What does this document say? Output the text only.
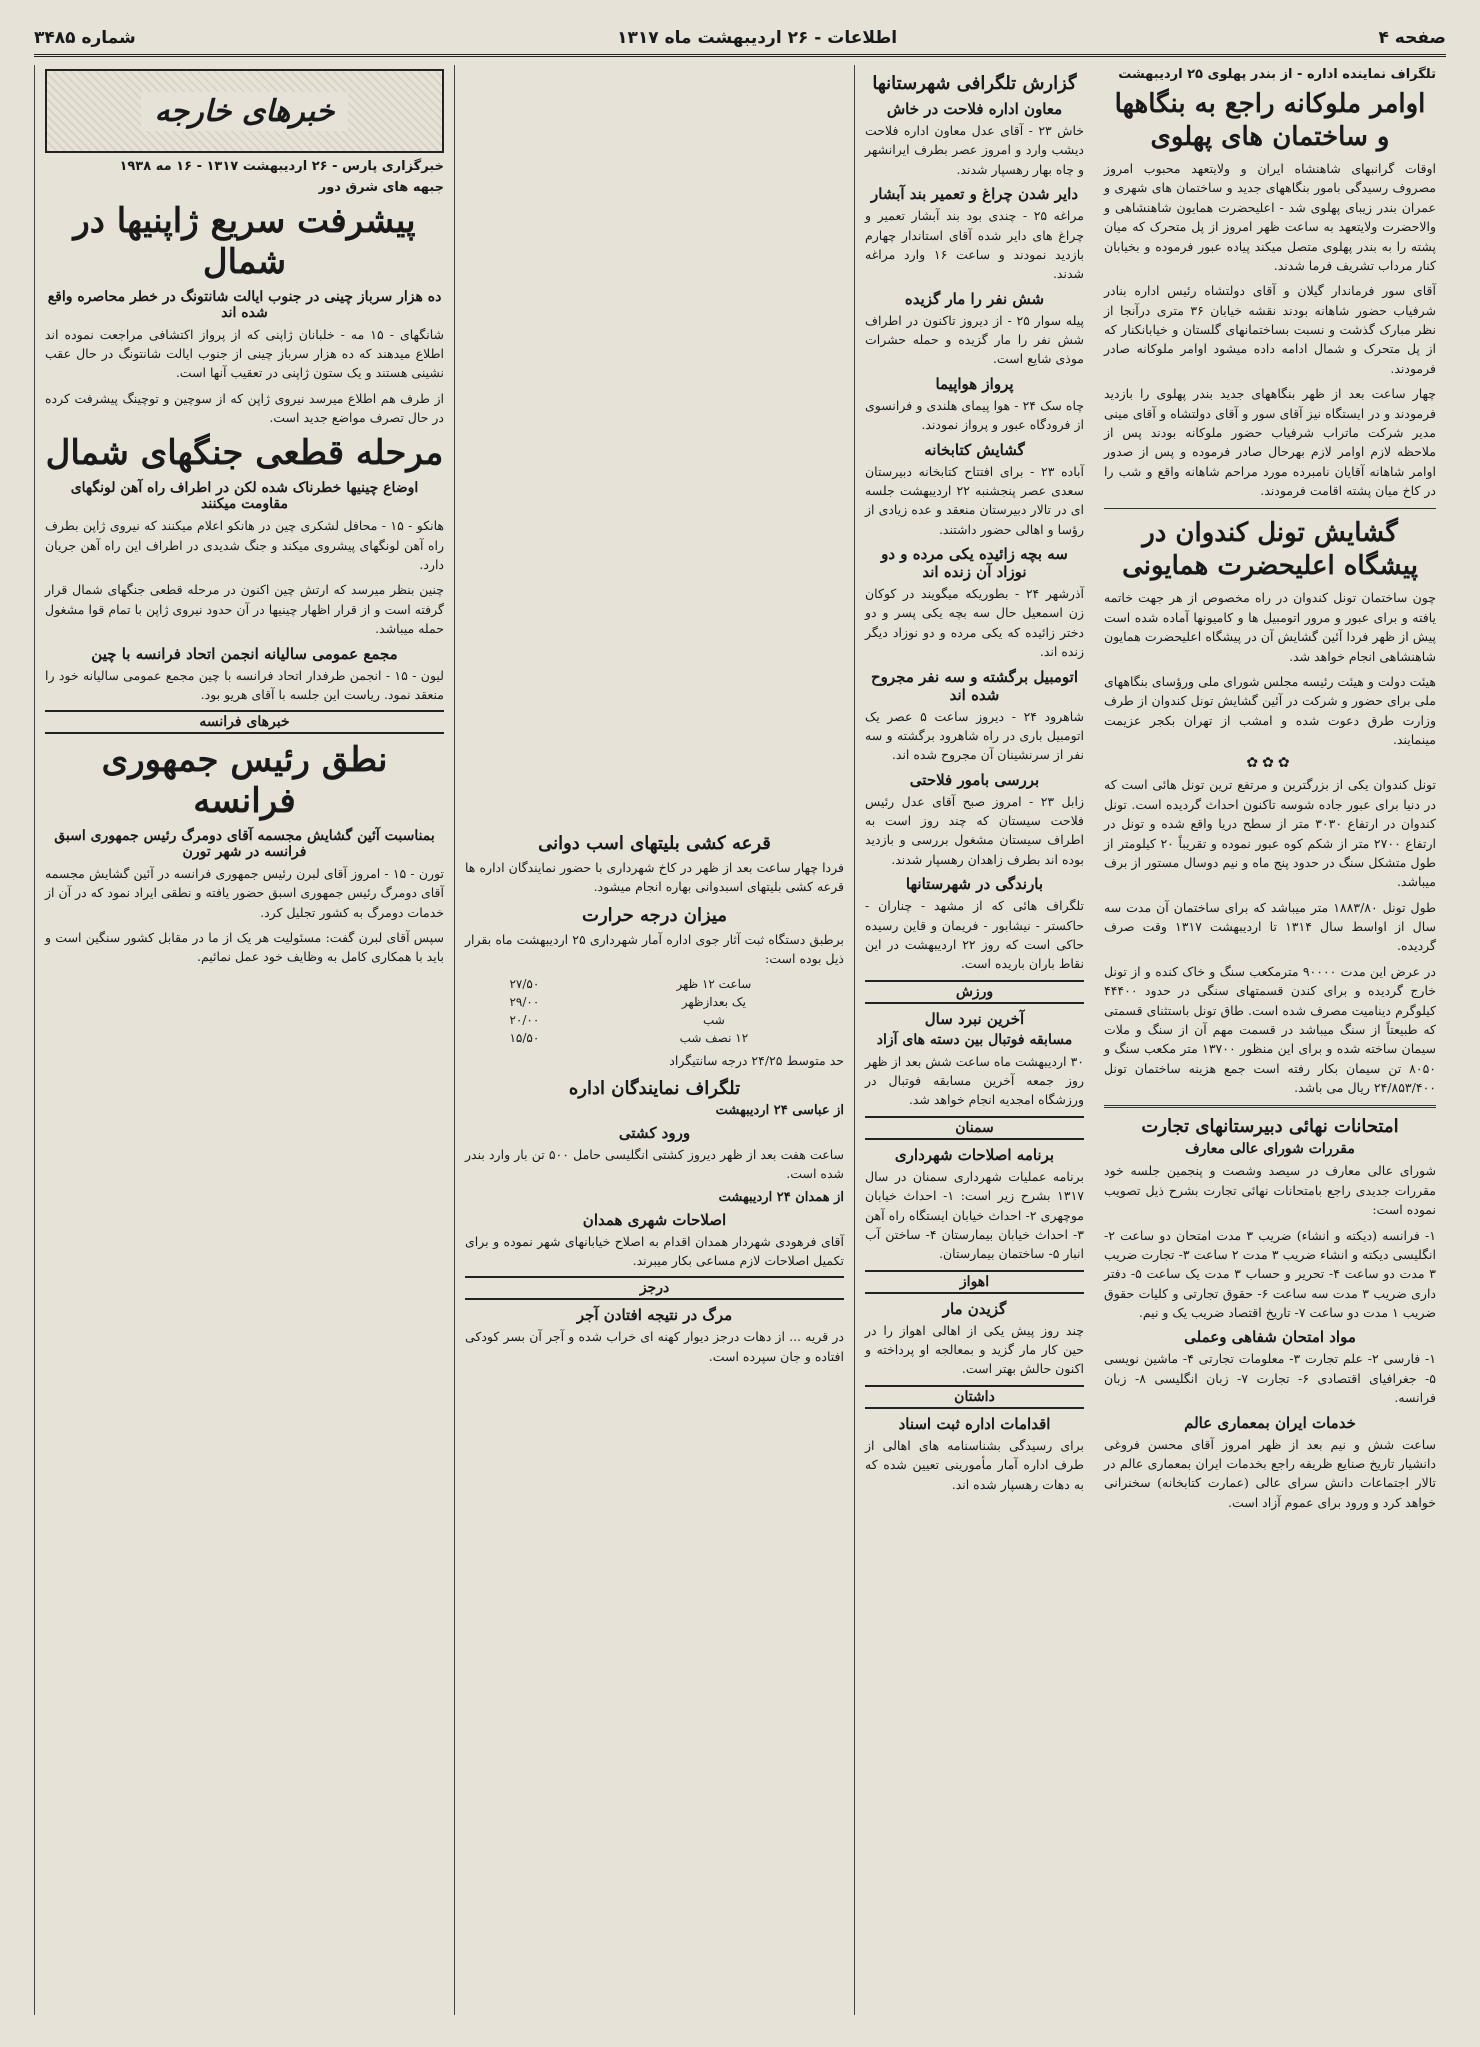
صفحه ۴
اطلاعات - ۲۶ اردیبهشت ماه ۱۳۱۷
شماره ۳۴۸۵
تلگراف نماینده اداره - از بندر پهلوی ۲۵ اردیبهشت
اوامر ملوکانه راجع به بنگاهها و ساختمان های پهلوی

اوقات گرانبهای شاهنشاه ایران و ولایتعهد محبوب امروز مصروف رسیدگی بامور بنگاههای جدید و ساختمان های شهری و عمران بندر زیبای پهلوی شد - اعلیحضرت همایون شاهنشاهی و والاحضرت ولایتعهد به ساعت ظهر امروز از پل متحرک که میان پشته را به بندر پهلوی متصل میکند پیاده عبور فرموده و بخیابان کنار مرداب تشریف فرما شدند.

آقای سور فرماندار گیلان و آقای دولتشاه رئیس اداره بنادر شرفیاب حضور شاهانه بودند نقشه خیابان ۳۶ متری درآنجا از نظر مبارک گذشت و نسبت بساختمانهای گلستان و خیابانکنار که از پل متحرک و شمال ادامه داده میشود اوامر ملوکانه صادر فرمودند.

چهار ساعت بعد از ظهر بنگاههای جدید بندر پهلوی را بازدید فرمودند و در ایستگاه نیز آقای سور و آقای دولتشاه و آقای مینی مدیر شرکت ماتراب شرفیاب حضور ملوکانه بودند پس از ملاحظه لازم اوامر لازم بهرحال صادر فرموده و پس از صدور اوامر شاهانه آقایان نامبرده مورد مراحم شاهانه واقع و شب را در کاخ میان پشته اقامت فرمودند.

گشایش تونل کندوان در پیشگاه اعلیحضرت همایونی

چون ساختمان تونل کندوان در راه مخصوص از هر جهت خاتمه یافته و برای عبور و مرور اتومبیل ها و کامیونها آماده شده است پیش از ظهر فردا آئین گشایش آن در پیشگاه اعلیحضرت همایون شاهنشاهی انجام خواهد شد.

هیئت دولت و هیئت رئیسه مجلس شورای ملی ورؤسای بنگاههای ملی برای حضور و شرکت در آئین گشایش تونل کندوان از طرف وزارت طرق دعوت شده و امشب از تهران بکجر عزیمت مینمایند.

✿✿✿

تونل کندوان یکی از بزرگترین و مرتفع ترین تونل هائی است که در دنیا برای عبور جاده شوسه تاکنون احداث گردیده است. تونل کندوان در ارتفاع ۳۰۳۰ متر از سطح دریا واقع شده و تونل در ارتفاع ۲۷۰۰ متر از شکم کوه عبور نموده و تقریباً ۲۰ کیلومتر از طول متشکل سنگ در حدود پنج ماه و نیم دوسال مستور از برف میباشد.

طول تونل ۱۸۸۳/۸۰ متر میباشد که برای ساختمان آن مدت سه سال از اواسط سال ۱۳۱۴ تا اردیبهشت ۱۳۱۷ وقت صرف گردیده.

در عرض این مدت ۹۰۰۰۰ مترمکعب سنگ و خاک کنده و از تونل خارج گردیده و برای کندن قسمتهای سنگی در حدود ۴۴۴۰۰ کیلوگرم دینامیت مصرف شده است. طاق تونل باستثنای قسمتی که طبیعتاً از سنگ میباشد در قسمت مهم آن از سنگ و ملات سیمان ساخته شده و برای این منظور ۱۳۷۰۰ متر مکعب سنگ و ۸۰۵۰ تن سیمان بکار رفته است جمع هزینه ساختمان تونل ۲۴/۸۵۳/۴۰۰ ریال می باشد.

امتحانات نهائی دبیرستانهای تجارت
مقررات شورای عالی معارف

شورای عالی معارف در سیصد وشصت و پنجمین جلسه خود مقررات جدیدی راجع بامتحانات نهائی تجارت بشرح ذیل تصویب نموده است:

۱- فرانسه (دیکته و انشاء) ضریب ۳ مدت امتحان دو ساعت ۲- انگلیسی دیکته و انشاء ضریب ۳ مدت ۲ ساعت ۳- تجارت ضریب ۳ مدت دو ساعت ۴- تحریر و حساب ۳ مدت یک ساعت ۵- دفتر داری ضریب ۳ مدت سه ساعت ۶- حقوق تجارتی و کلیات حقوق ضریب ۱ مدت دو ساعت ۷- تاریخ اقتصاد ضریب یک و نیم.

مواد امتحان شفاهی وعملی

۱- فارسی ۲- علم تجارت ۳- معلومات تجارتی ۴- ماشین نویسی ۵- جغرافیای اقتصادی ۶- تجارت ۷- زبان انگلیسی ۸- زبان فرانسه.

خدمات ایران بمعماری عالم

ساعت شش و نیم بعد از ظهر امروز آقای محسن فروغی دانشیار تاریخ صنایع ظریفه راجع بخدمات ایران بمعماری عالم در تالار اجتماعات دانش سرای عالی (عمارت کتابخانه) سخنرانی خواهد کرد و ورود برای عموم آزاد است.

گزارش تلگرافی شهرستانها
معاون اداره فلاحت در خاش

خاش ۲۳ - آقای عدل معاون اداره فلاحت دیشب وارد و امروز عصر بطرف ایرانشهر و چاه بهار رهسپار شدند.

دایر شدن چراغ و تعمیر بند آبشار

مراغه ۲۵ - چندی بود بند آبشار تعمیر و چراغ های دایر شده آقای استاندار چهارم بازدید نمودند و ساعت ۱۶ وارد مراغه شدند.

شش نفر را مار گزیده

پیله سوار ۲۵ - از دیروز تاکنون در اطراف شش نفر را مار گزیده و حمله حشرات موذی شایع است.

پرواز هواپیما

چاه سک ۲۴ - هوا پیمای هلندی و فرانسوی از فرودگاه عبور و پرواز نمودند.

گشایش کتابخانه

آباده ۲۳ - برای افتتاح کتابخانه دبیرستان سعدی عصر پنجشنبه ۲۲ اردیبهشت جلسه ای در تالار دبیرستان منعقد و عده زیادی از رؤسا و اهالی حضور داشتند.

سه بچه زائیده یکی مرده و دو نوزاد آن زنده اند

آذرشهر ۲۴ - بطوریکه میگویند در کوکان زن اسمعیل حال سه بچه یکی پسر و دو دختر زائیده که یکی مرده و دو نوزاد دیگر زنده اند.

اتومبیل برگشته و سه نفر مجروح شده اند

شاهرود ۲۴ - دیروز ساعت ۵ عصر یک اتومبیل باری در راه شاهرود برگشته و سه نفر از سرنشینان آن مجروح شده اند.

بررسی بامور فلاحتی

زابل ۲۳ - امروز صبح آقای عدل رئیس فلاحت سیستان که چند روز است به اطراف سیستان مشغول بررسی و بازدید بوده اند بطرف زاهدان رهسپار شدند.

بارندگی در شهرستانها

تلگراف هائی که از مشهد - چناران - حاکستر - نیشابور - فریمان و قاین رسیده حاکی است که روز ۲۲ اردیبهشت در این نقاط باران باریده است.

ورزش
آخرین نبرد سال
مسابقه فوتبال بین دسته های آزاد

۳۰ اردیبهشت ماه ساعت شش بعد از ظهر روز جمعه آخرین مسابقه فوتبال در ورزشگاه امجدیه انجام خواهد شد.

سمنان
برنامه اصلاحات شهرداری

برنامه عملیات شهرداری سمنان در سال ۱۳۱۷ بشرح زیر است: ۱- احداث خیابان موچهری ۲- احداث خیابان ایستگاه راه آهن ۳- احداث خیابان بیمارستان ۴- ساختن آب انبار ۵- ساختمان بیمارستان.

اهواز
گزیدن مار

چند روز پیش یکی از اهالی اهواز را در حین کار مار گزید و بمعالجه او پرداخته و اکنون حالش بهتر است.

داشتان
اقدامات اداره ثبت اسناد

برای رسیدگی بشناسنامه های اهالی از طرف اداره آمار مأمورینی تعیین شده که به دهات رهسپار شده اند.

قرعه کشی بلیتهای اسب دوانی

فردا چهار ساعت بعد از ظهر در کاخ شهرداری با حضور نمایندگان اداره ها قرعه کشی بلیتهای اسبدوانی بهاره انجام میشود.

میزان درجه حرارت

برطبق دستگاه ثبت آثار جوی اداره آمار شهرداری ۲۵ اردیبهشت ماه بقرار ذیل بوده است:

ساعت ۱۲ ظهر	۲۷/۵۰
یک بعدازظهر	۲۹/۰۰
شب	۲۰/۰۰
۱۲ نصف شب	۱۵/۵۰

حد متوسط ۲۴/۲۵ درجه سانتیگراد

تلگراف نمایندگان اداره
از عباسی ۲۴ اردیبهشت
ورود کشتی

ساعت هفت بعد از ظهر دیروز کشتی انگلیسی حامل ۵۰۰ تن بار وارد بندر شده است.

از همدان ۲۴ اردیبهشت
اصلاحات شهری همدان

آقای فرهودی شهردار همدان اقدام به اصلاح خیابانهای شهر نموده و برای تکمیل اصلاحات لازم مساعی بکار میبرند.

درجز
مرگ در نتیجه افتادن آجر

در قریه ... از دهات درجز دیوار کهنه ای خراب شده و آجر آن بسر کودکی افتاده و جان سپرده است.

خبرهای خارجه
خبرگزاری پارس - ۲۶ اردیبهشت ۱۳۱۷ - ۱۶ مه ۱۹۳۸
جبهه های شرق دور
پیشرفت سریع ژاپنیها در شمال
ده هزار سرباز چینی در جنوب ایالت شانتونگ در خطر محاصره واقع شده اند

شانگهای - ۱۵ مه - خلبانان ژاپنی که از پرواز اکتشافی مراجعت نموده اند اطلاع میدهند که ده هزار سرباز چینی از جنوب ایالت شانتونگ در حال عقب نشینی هستند و یک ستون ژاپنی در تعقیب آنها است.

از طرف هم اطلاع میرسد نیروی ژاپن که از سوچین و توچینگ پیشرفت کرده در حال تصرف مواضع جدید است.

مرحله قطعی جنگهای شمال
اوضاع چینیها خطرناک شده لکن در اطراف راه آهن لونگهای مقاومت میکنند

هانکو - ۱۵ - محافل لشکری چین در هانکو اعلام میکنند که نیروی ژاپن بطرف راه آهن لونگهای پیشروی میکند و جنگ شدیدی در اطراف این راه آهن جریان دارد.

چنین بنظر میرسد که ارتش چین اکنون در مرحله قطعی جنگهای شمال قرار گرفته است و از قرار اظهار چینیها در آن حدود نیروی ژاپن با تمام قوا مشغول حمله میباشد.

مجمع عمومی سالیانه انجمن اتحاد فرانسه با چین

لیون - ۱۵ - انجمن طرفدار اتحاد فرانسه با چین مجمع عمومی سالیانه خود را منعقد نمود. ریاست این جلسه با آقای هریو بود.

خبرهای فرانسه
نطق رئیس جمهوری فرانسه
بمناسبت آئین گشایش مجسمه آقای دومرگ رئیس جمهوری اسبق فرانسه در شهر تورن

تورن - ۱۵ - امروز آقای لبرن رئیس جمهوری فرانسه در آئین گشایش مجسمه آقای دومرگ رئیس جمهوری اسبق حضور یافته و نطقی ایراد نمود که در آن از خدمات دومرگ به کشور تجلیل کرد.

سپس آقای لبرن گفت: مسئولیت هر یک از ما در مقابل کشور سنگین است و باید با همکاری کامل به وظایف خود عمل نمائیم.
